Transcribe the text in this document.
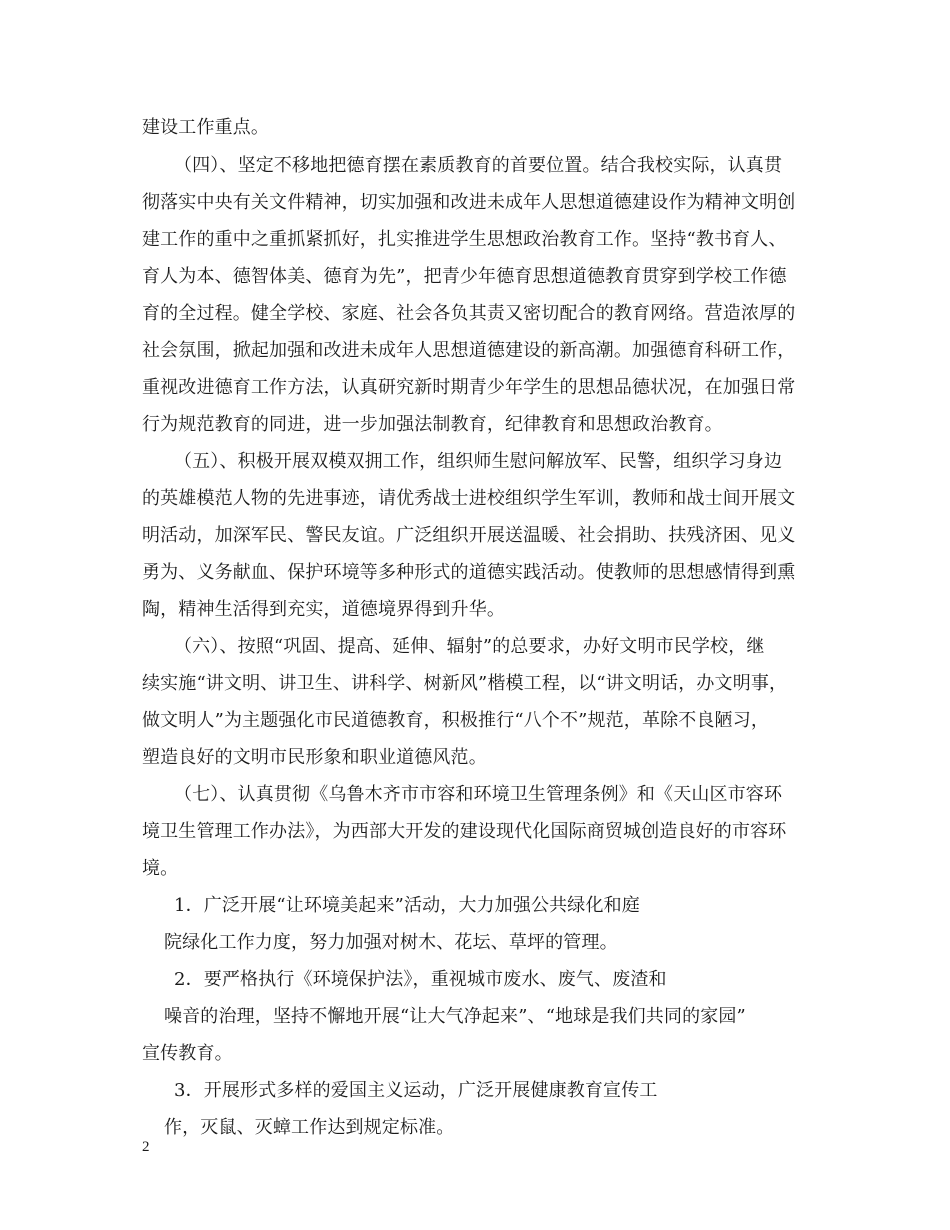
建设工作重点。
（四）、坚定不移地把德育摆在素质教育的首要位置。结合我校实际，认真贯
彻落实中央有关文件精神，切实加强和改进未成年人思想道德建设作为精神文明创
建工作的重中之重抓紧抓好，扎实推进学生思想政治教育工作。坚持“教书育人、
育人为本、德智体美、德育为先”，把青少年德育思想道德教育贯穿到学校工作德
育的全过程。健全学校、家庭、社会各负其责又密切配合的教育网络。营造浓厚的
社会氛围，掀起加强和改进未成年人思想道德建设的新高潮。加强德育科研工作，
重视改进德育工作方法，认真研究新时期青少年学生的思想品德状况，在加强日常
行为规范教育的同进，进一步加强法制教育，纪律教育和思想政治教育。
（五）、积极开展双模双拥工作，组织师生慰问解放军、民警，组织学习身边
的英雄模范人物的先进事迹，请优秀战士进校组织学生军训，教师和战士间开展文
明活动，加深军民、警民友谊。广泛组织开展送温暖、社会捐助、扶残济困、见义
勇为、义务献血、保护环境等多种形式的道德实践活动。使教师的思想感情得到熏
陶，精神生活得到充实，道德境界得到升华。
（六）、按照“巩固、提高、延伸、辐射”的总要求，办好文明市民学校，继
续实施“讲文明、讲卫生、讲科学、树新风”楷模工程，以“讲文明话，办文明事，
做文明人”为主题强化市民道德教育，积极推行“八个不”规范，革除不良陋习，
塑造良好的文明市民形象和职业道德风范。
（七）、认真贯彻《乌鲁木齐市市容和环境卫生管理条例》和《天山区市容环
境卫生管理工作办法》，为西部大开发的建设现代化国际商贸城创造良好的市容环
境。
1．广泛开展“让环境美起来”活动，大力加强公共绿化和庭
院绿化工作力度，努力加强对树木、花坛、草坪的管理。
2．要严格执行《环境保护法》，重视城市废水、废气、废渣和
噪音的治理，坚持不懈地开展“让大气净起来”、“地球是我们共同的家园”
宣传教育。
3．开展形式多样的爱国主义运动，广泛开展健康教育宣传工
作，灭鼠、灭蟑工作达到规定标准。
2
